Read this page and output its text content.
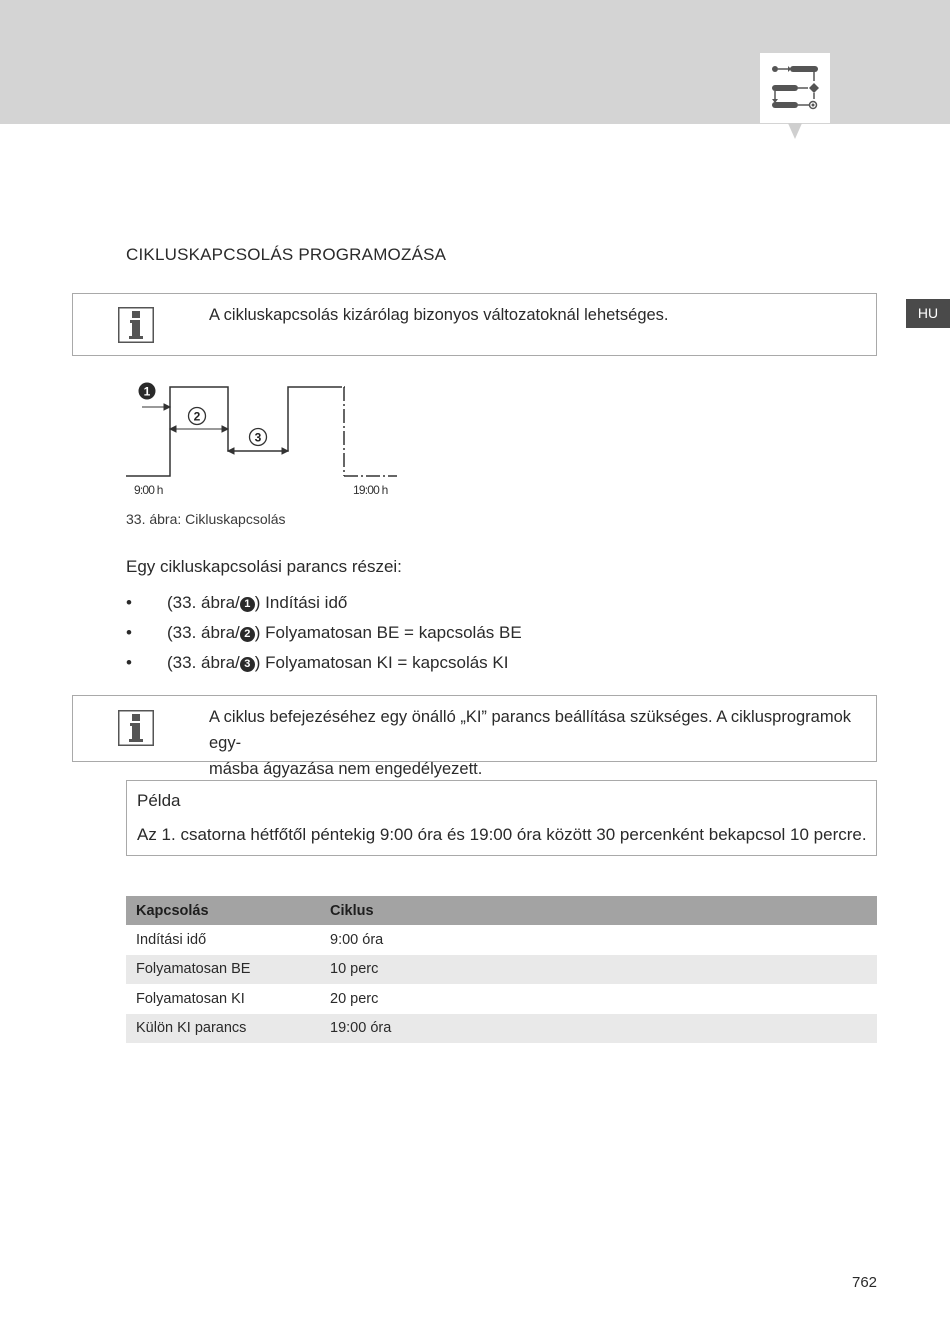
HU
CIKLUSKAPCSOLÁS PROGRAMOZÁSA
A cikluskapcsolás kizárólag bizonyos változatoknál lehetséges.
1
2
3
9:00 h	19:00 h
33. ábra: Cikluskapcsolás
Egy cikluskapcsolási parancs részei:
• (33. ábra/ 1 ) Indítási idő
• (33. ábra/ 2 ) Folyamatosan BE = kapcsolás BE
• (33. ábra/ 3 ) Folyamatosan KI = kapcsolás KI
A ciklus befejezéséhez egy önálló „KI” parancs beállítása szükséges. A ciklusprogramok egy-
másba ágyazása nem engedélyezett.
Példa
Az 1. csatorna hétfőtől péntekig 9:00 óra és 19:00 óra között 30 percenként bekapcsol 10 percre.
Kapcsolás	Ciklus
Indítási idő	9:00 óra
Folyamatosan BE	10 perc
Folyamatosan KI	20 perc
Külön KI parancs	19:00 óra
762
